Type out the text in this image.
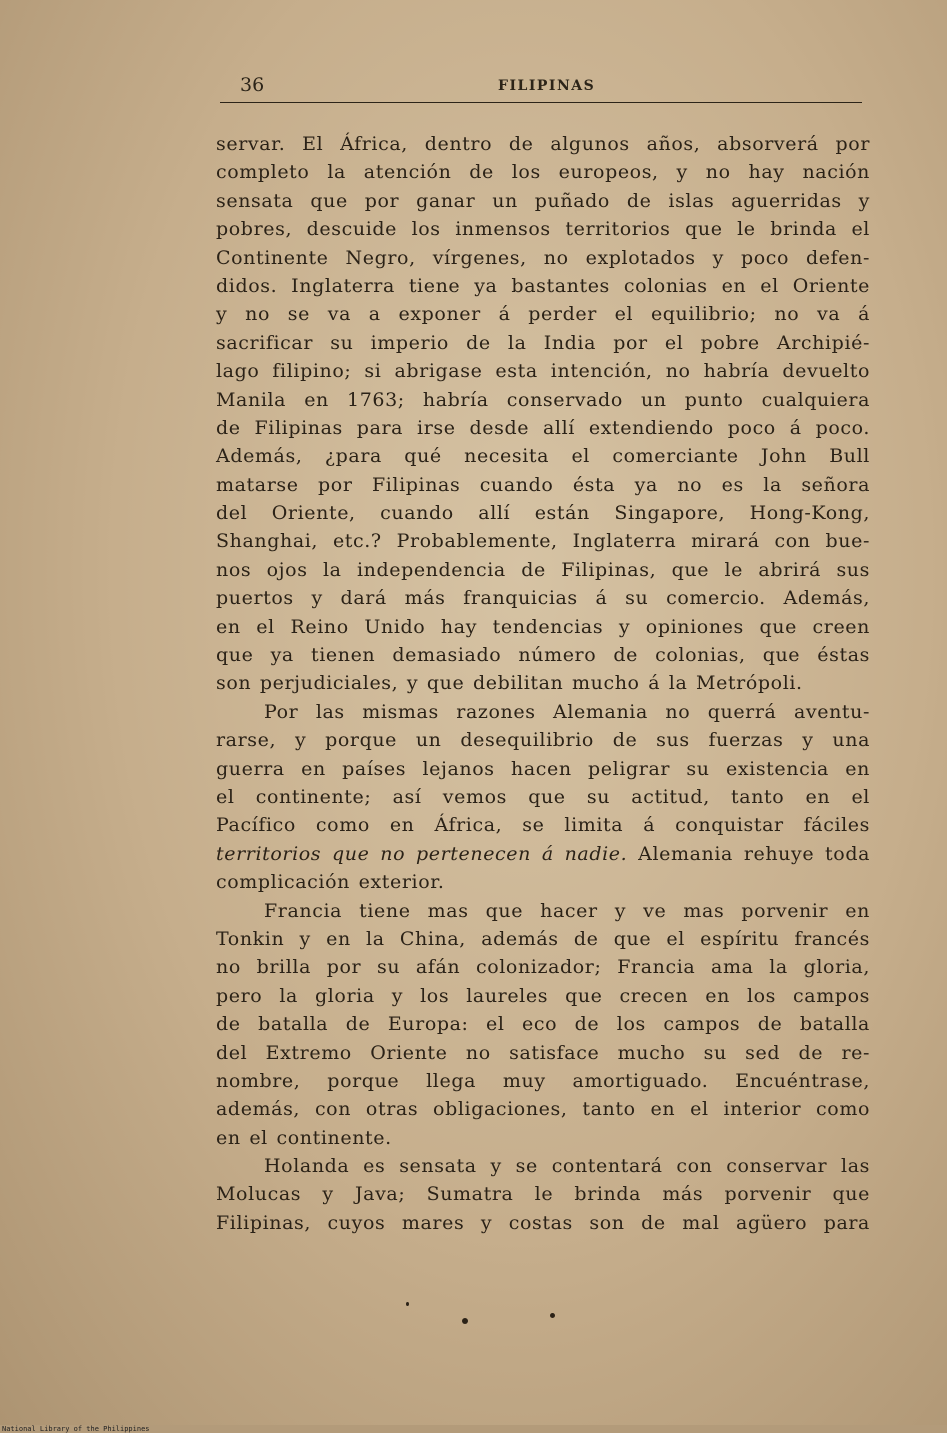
36	FILIPINAS
servar. El África, dentro de algunos años, absorverá por
completo la atención de los europeos, y no hay nación
sensata que por ganar un puñado de islas aguerridas y
pobres, descuide los inmensos territorios que le brinda el
Continente Negro, vírgenes, no explotados y poco defen-
didos. Inglaterra tiene ya bastantes colonias en el Oriente
y no se va a exponer á perder el equilibrio; no va á
sacrificar su imperio de la India por el pobre Archipié-
lago filipino; si abrigase esta intención, no habría devuelto
Manila en 1763; habría conservado un punto cualquiera
de Filipinas para irse desde allí extendiendo poco á poco.
Además, ¿para qué necesita el comerciante John Bull
matarse por Filipinas cuando ésta ya no es la señora
del Oriente, cuando allí están Singapore, Hong-Kong,
Shanghai, etc.? Probablemente, Inglaterra mirará con bue-
nos ojos la independencia de Filipinas, que le abrirá sus
puertos y dará más franquicias á su comercio. Además,
en el Reino Unido hay tendencias y opiniones que creen
que ya tienen demasiado número de colonias, que éstas
son perjudiciales, y que debilitan mucho á la Metrópoli.
Por las mismas razones Alemania no querrá aventu-
rarse, y porque un desequilibrio de sus fuerzas y una
guerra en países lejanos hacen peligrar su existencia en
el continente; así vemos que su actitud, tanto en el
Pacífico como en África, se limita á conquistar fáciles
territorios que no pertenecen á nadie. Alemania rehuye toda
complicación exterior.
Francia tiene mas que hacer y ve mas porvenir en
Tonkin y en la China, además de que el espíritu francés
no brilla por su afán colonizador; Francia ama la gloria,
pero la gloria y los laureles que crecen en los campos
de batalla de Europa: el eco de los campos de batalla
del Extremo Oriente no satisface mucho su sed de re-
nombre, porque llega muy amortiguado. Encuéntrase,
además, con otras obligaciones, tanto en el interior como
en el continente.
Holanda es sensata y se contentará con conservar las
Molucas y Java; Sumatra le brinda más porvenir que
Filipinas, cuyos mares y costas son de mal agüero para
National Library of the Philippines
